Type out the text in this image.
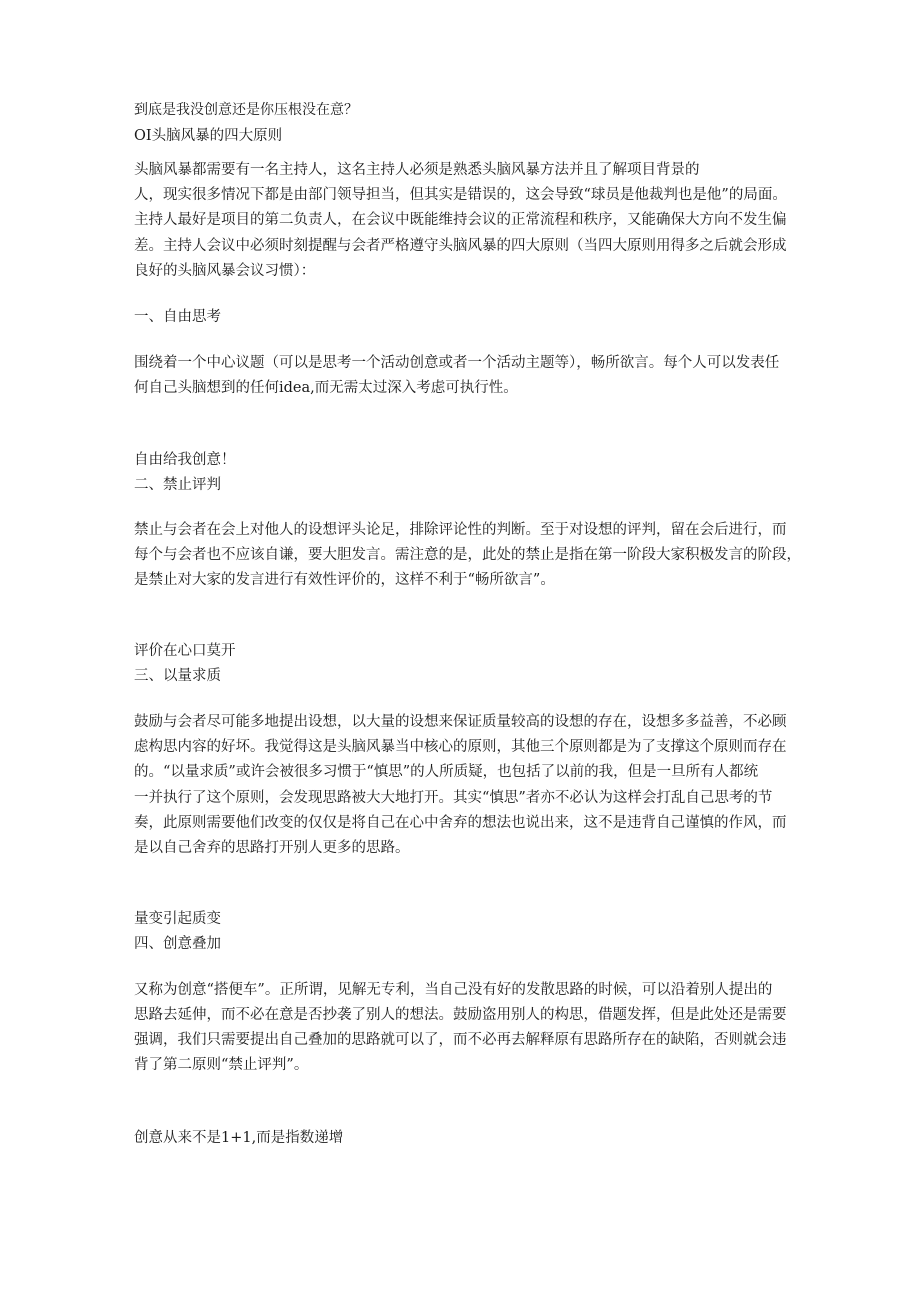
到底是我没创意还是你压根没在意？

OI头脑风暴的四大原则

头脑风暴都需要有一名主持人，这名主持人必须是熟悉头脑风暴方法并且了解项目背景的

人，现实很多情况下都是由部门领导担当，但其实是错误的，这会导致“球员是他裁判也是他”的局面。

主持人最好是项目的第二负责人，在会议中既能维持会议的正常流程和秩序，又能确保大方向不发生偏

差。主持人会议中必须时刻提醒与会者严格遵守头脑风暴的四大原则（当四大原则用得多之后就会形成

良好的头脑风暴会议习惯）：

一、自由思考

围绕着一个中心议题（可以是思考一个活动创意或者一个活动主题等），畅所欲言。每个人可以发表任

何自己头脑想到的任何idea,而无需太过深入考虑可执行性。

自由给我创意！

二、禁止评判

禁止与会者在会上对他人的设想评头论足，排除评论性的判断。至于对设想的评判，留在会后进行，而

每个与会者也不应该自谦，要大胆发言。需注意的是，此处的禁止是指在第一阶段大家积极发言的阶段，

是禁止对大家的发言进行有效性评价的，这样不利于“畅所欲言”。

评价在心口莫开

三、以量求质

鼓励与会者尽可能多地提出设想，以大量的设想来保证质量较高的设想的存在，设想多多益善，不必顾

虑构思内容的好坏。我觉得这是头脑风暴当中核心的原则，其他三个原则都是为了支撑这个原则而存在

的。“以量求质”或许会被很多习惯于“慎思”的人所质疑，也包括了以前的我，但是一旦所有人都统

一并执行了这个原则，会发现思路被大大地打开。其实“慎思”者亦不必认为这样会打乱自己思考的节

奏，此原则需要他们改变的仅仅是将自己在心中舍弃的想法也说出来，这不是违背自己谨慎的作风，而

是以自己舍弃的思路打开别人更多的思路。

量变引起质变

四、创意叠加

又称为创意“搭便车”。正所谓，见解无专利，当自己没有好的发散思路的时候，可以沿着别人提出的

思路去延伸，而不必在意是否抄袭了别人的想法。鼓励盗用别人的构思，借题发挥，但是此处还是需要

强调，我们只需要提出自己叠加的思路就可以了，而不必再去解释原有思路所存在的缺陷，否则就会违

背了第二原则“禁止评判”。

创意从来不是1+1,而是指数递增
